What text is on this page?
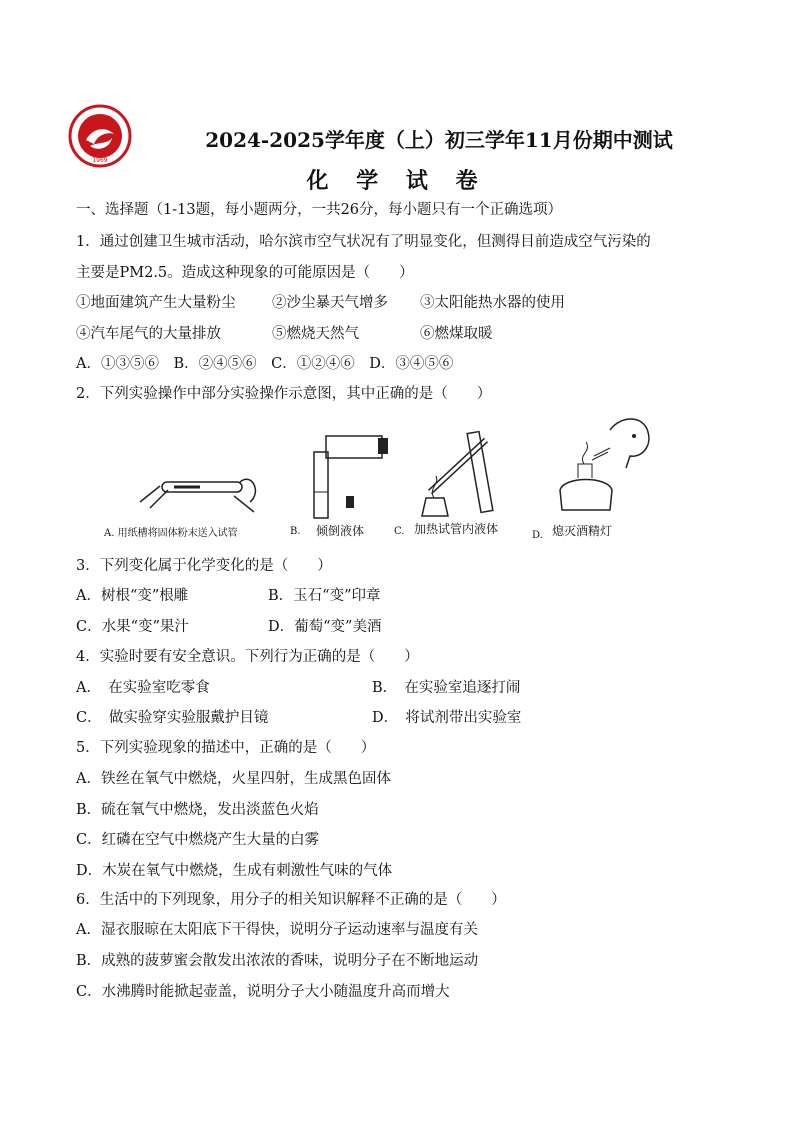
1969
2024-2025学年度（上）初三学年11月份期中测试
化 学 试 卷
一、选择题（1-13题，每小题两分，一共26分，每小题只有一个正确选项）
1．通过创建卫生城市活动，哈尔滨市空气状况有了明显变化，但测得目前造成空气污染的
主要是PM2.5。造成这种现象的可能原因是（　　）
①地面建筑产生大量粉尘	②沙尘暴天气增多 ③太阳能热水器的使用
④汽车尾气的大量排放	⑤燃烧天然气	⑥燃煤取暖
A．①③⑤⑥　B．②④⑤⑥　C．①②④⑥　D．③④⑤⑥
2．下列实验操作中部分实验操作示意图，其中正确的是（　　）
A. 用纸槽将固体粉末送入试管	B. 倾倒液体	C. 加热试管内液体	D. 熄灭酒精灯
3．下列变化属于化学变化的是（　　）
A．树根“变”根雕	B．玉石“变”印章
C．水果“变”果汁	D．葡萄“变”美酒
4．实验时要有安全意识。下列行为正确的是（　　）
A．　在实验室吃零食	B．　在实验室追逐打闹
C．　做实验穿实验服戴护目镜	D．　将试剂带出实验室
5．下列实验现象的描述中，正确的是（　　）
A．铁丝在氧气中燃烧，火星四射，生成黑色固体
B．硫在氧气中燃烧，发出淡蓝色火焰
C．红磷在空气中燃烧产生大量的白雾
D．木炭在氧气中燃烧，生成有刺激性气味的气体
6．生活中的下列现象，用分子的相关知识解释不正确的是（　　）
A．湿衣服晾在太阳底下干得快，说明分子运动速率与温度有关
B．成熟的菠萝蜜会散发出浓浓的香味，说明分子在不断地运动
C．水沸腾时能掀起壶盖，说明分子大小随温度升高而增大
